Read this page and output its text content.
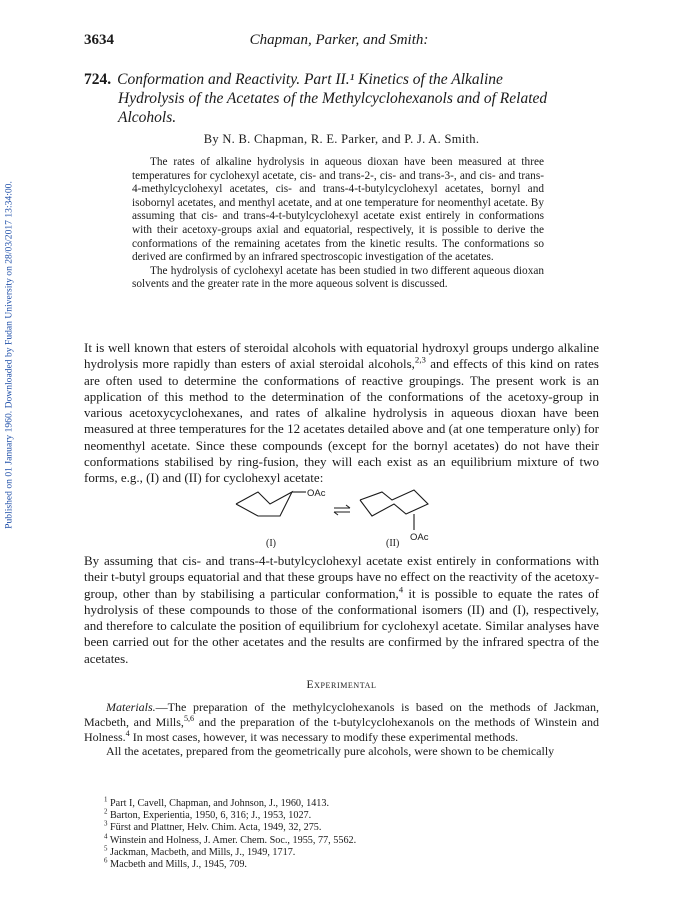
Published on 01 January 1960. Downloaded by Fudan University on 28/03/2017 13:34:00.
3634	Chapman, Parker, and Smith:
724. Conformation and Reactivity. Part II.¹ Kinetics of the Alkaline
Hydrolysis of the Acetates of the Methylcyclohexanols and of Related
Alcohols.
By N. B. Chapman, R. E. Parker, and P. J. A. Smith.

The rates of alkaline hydrolysis in aqueous dioxan have been measured at three temperatures for cyclohexyl acetate, cis- and trans-2-, cis- and trans-3-, and cis- and trans-4-methylcyclohexyl acetates, cis- and trans-4-t-butylcyclohexyl acetates, bornyl and isobornyl acetates, and menthyl acetate, and at one temperature for neomenthyl acetate. By assuming that cis- and trans-4-t-butylcyclohexyl acetate exist entirely in conformations with their acetoxy-groups axial and equatorial, respectively, it is possible to derive the conformations of the remaining acetates from the kinetic results. The conformations so derived are confirmed by an infrared spectroscopic investigation of the acetates.

The hydrolysis of cyclohexyl acetate has been studied in two different aqueous dioxan solvents and the greater rate in the more aqueous solvent is discussed.

It is well known that esters of steroidal alcohols with equatorial hydroxyl groups undergo alkaline hydrolysis more rapidly than esters of axial steroidal alcohols,$^{2,3}$ and effects of this kind on rates are often used to determine the conformations of reactive groupings. The present work is an application of this method to the determination of the conformations of the acetoxy-group in various acetoxycyclohexanes, and rates of alkaline hydrolysis in aqueous dioxan have been measured at three temperatures for the 12 acetates detailed above and (at one temperature only) for neomenthyl acetate. Since these compounds (except for the bornyl acetates) do not have their conformations stabilised by ring-fusion, they will each exist as an equilibrium mixture of two forms, e.g., (I) and (II) for cyclohexyl acetate:

OAc
OAc
(I)	(II)

By assuming that cis- and trans-4-t-butylcyclohexyl acetate exist entirely in conformations with their t-butyl groups equatorial and that these groups have no effect on the reactivity of the acetoxy-group, other than by stabilising a particular conformation,$^4$ it is possible to equate the rates of hydrolysis of these compounds to those of the conformational isomers (II) and (I), respectively, and therefore to calculate the position of equilibrium for cyclohexyl acetate. Similar analyses have been carried out for the other acetates and the results are confirmed by the infrared spectra of the acetates.

Experimental

Materials.—The preparation of the methylcyclohexanols is based on the methods of Jackman, Macbeth, and Mills,$^{5,6}$ and the preparation of the t-butylcyclohexanols on the methods of Winstein and Holness.$^4$ In most cases, however, it was necessary to modify these experimental methods.

All the acetates, prepared from the geometrically pure alcohols, were shown to be chemically

$^1$ Part I, Cavell, Chapman, and Johnson, J., 1960, 1413.
$^2$ Barton, Experientia, 1950, 6, 316; J., 1953, 1027.
$^3$ Fürst and Plattner, Helv. Chim. Acta, 1949, 32, 275.
$^4$ Winstein and Holness, J. Amer. Chem. Soc., 1955, 77, 5562.
$^5$ Jackman, Macbeth, and Mills, J., 1949, 1717.
$^6$ Macbeth and Mills, J., 1945, 709.
